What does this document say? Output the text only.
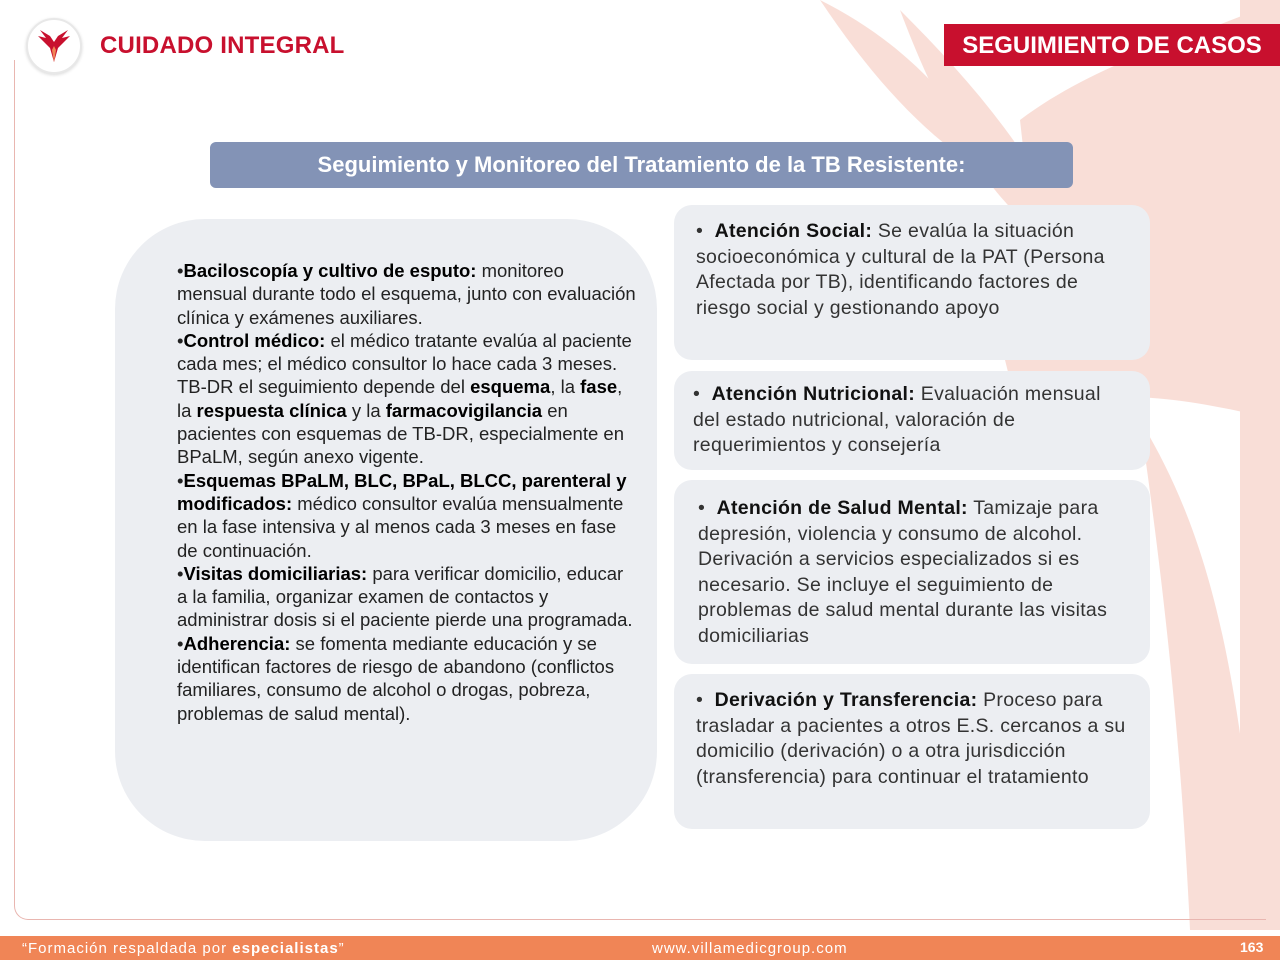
CUIDADO INTEGRAL	SEGUIMIENTO DE CASOS
Seguimiento y Monitoreo del Tratamiento de la TB Resistente:
•Baciloscopía y cultivo de esputo: monitoreo mensual durante todo el esquema, junto con evaluación clínica y exámenes auxiliares.
•Control médico: el médico tratante evalúa al paciente cada mes; el médico consultor lo hace cada 3 meses. TB-DR el seguimiento depende del esquema, la fase, la respuesta clínica y la farmacovigilancia en pacientes con esquemas de TB-DR, especialmente en BPaLM, según anexo vigente.
•Esquemas BPaLM, BLC, BPaL, BLCC, parenteral y modificados: médico consultor evalúa mensualmente en la fase intensiva y al menos cada 3 meses en fase de continuación.
•Visitas domiciliarias: para verificar domicilio, educar a la familia, organizar examen de contactos y administrar dosis si el paciente pierde una programada.
•Adherencia: se fomenta mediante educación y se identifican factores de riesgo de abandono (conflictos familiares, consumo de alcohol o drogas, pobreza, problemas de salud mental).
• Atención Social: Se evalúa la situación socioeconómica y cultural de la PAT (Persona Afectada por TB), identificando factores de riesgo social y gestionando apoyo
• Atención Nutricional: Evaluación mensual del estado nutricional, valoración de requerimientos y consejería
• Atención de Salud Mental: Tamizaje para depresión, violencia y consumo de alcohol. Derivación a servicios especializados si es necesario. Se incluye el seguimiento de problemas de salud mental durante las visitas domiciliarias
• Derivación y Transferencia: Proceso para trasladar a pacientes a otros E.S. cercanos a su domicilio (derivación) o a otra jurisdicción (transferencia) para continuar el tratamiento
“Formación respaldada por especialistas”	www.villamedicgroup.com	163
